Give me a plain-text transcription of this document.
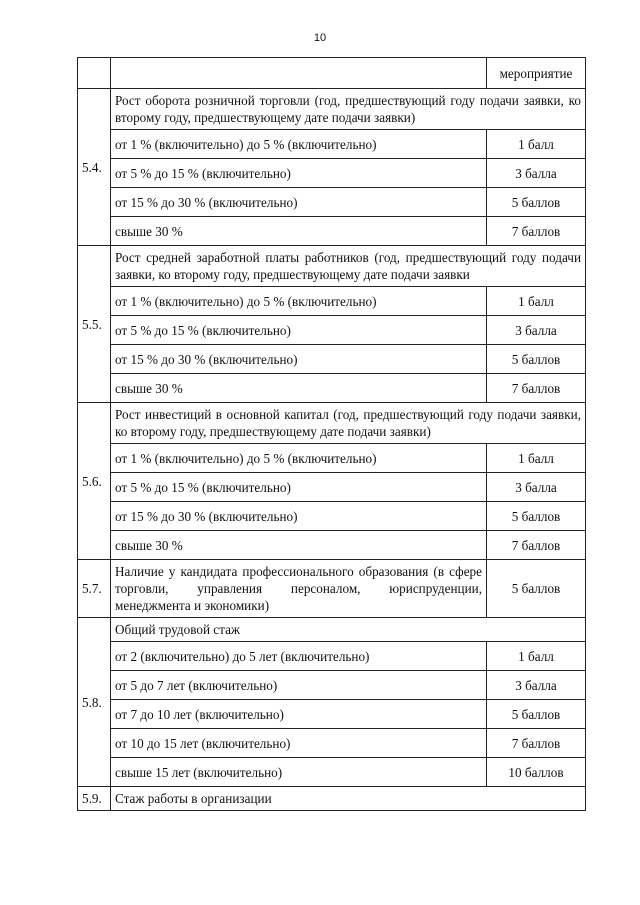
10
		мероприятие
5.4.	Рост оборота розничной торговли (год, предшествующий году подачи заявки, ко второму году, предшествующему дате подачи заявки)	
	от 1 % (включительно) до 5 % (включительно)	1 балл
	от 5 % до 15 % (включительно)	3 балла
	от 15 % до 30 % (включительно)	5 баллов
	свыше 30 %	7 баллов
5.5.	Рост средней заработной платы работников (год, предшествующий году подачи заявки, ко второму году, предшествующему дате подачи заявки	
	от 1 % (включительно) до 5 % (включительно)	1 балл
	от 5 % до 15 % (включительно)	3 балла
	от 15 % до 30 % (включительно)	5 баллов
	свыше 30 %	7 баллов
5.6.	Рост инвестиций в основной капитал (год, предшествующий году подачи заявки, ко второму году, предшествующему дате подачи заявки)	
	от 1 % (включительно) до 5 % (включительно)	1 балл
	от 5 % до 15 % (включительно)	3 балла
	от 15 % до 30 % (включительно)	5 баллов
	свыше 30 %	7 баллов
5.7.	Наличие у кандидата профессионального образования (в сфере торговли, управления персоналом, юриспруденции, менеджмента и экономики)	5 баллов
5.8.	Общий трудовой стаж	
	от 2 (включительно) до 5 лет (включительно)	1 балл
	от 5 до 7 лет (включительно)	3 балла
	от 7 до 10 лет (включительно)	5 баллов
	от 10 до 15 лет (включительно)	7 баллов
	свыше 15 лет (включительно)	10 баллов
5.9.	Стаж работы в организации	
